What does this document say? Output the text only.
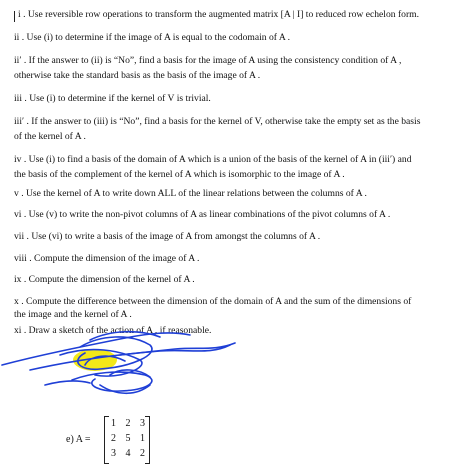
i . Use reversible row operations to transform the augmented matrix [A | I] to reduced row echelon form.
ii . Use (i) to determine if the image of A is equal to the codomain of A .
ii′ . If the answer to (ii) is “No”, find a basis for the image of A using the consistency condition of A ,
otherwise take the standard basis as the basis of the image of A .
iii . Use (i) to determine if the kernel of V is trivial.
iii′ . If the answer to (iii) is “No”, find a basis for the kernel of V, otherwise take the empty set as the basis
of the kernel of A .
iv . Use (i) to find a basis of the domain of A which is a union of the basis of the kernel of A in (iii′) and
the basis of the complement of the kernel of A which is isomorphic to the image of A .
v . Use the kernel of A to write down ALL of the linear relations between the columns of A .
vi . Use (v) to write the non-pivot columns of A as linear combinations of the pivot columns of A .
vii . Use (vi) to write a basis of the image of A from amongst the columns of A .
viii . Compute the dimension of the image of A .
ix . Compute the dimension of the kernel of A .
x . Compute the difference between the dimension of the domain of A and the sum of the dimensions of
the image and the kernel of A .
xi . Draw a sketch of the action of A , if reasonable.
e) A =
1 2 3
2 5 1
3 4 2
